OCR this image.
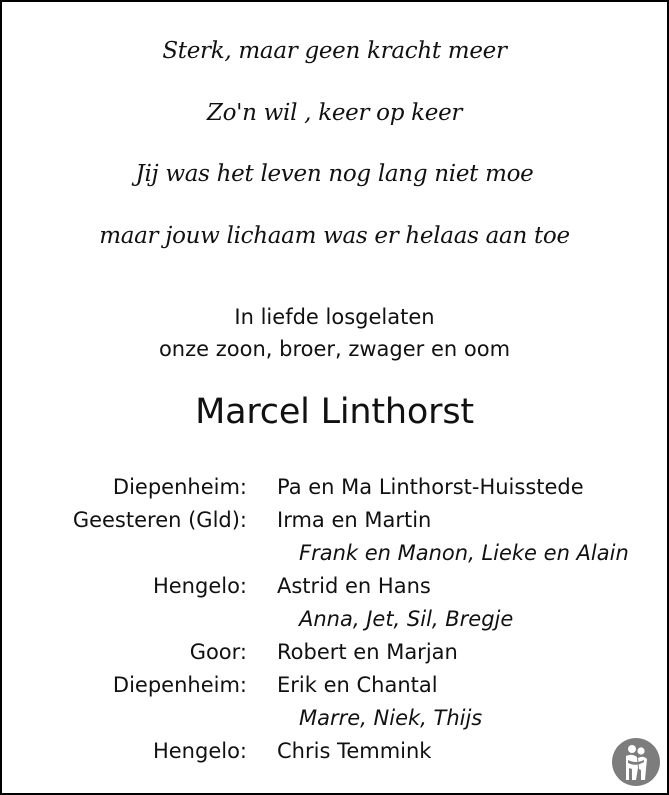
Sterk, maar geen kracht meer
Zo'n wil , keer op keer
Jij was het leven nog lang niet moe
maar jouw lichaam was er helaas aan toe
In liefde losgelaten
onze zoon, broer, zwager en oom
Marcel Linthorst
Diepenheim: Pa en Ma Linthorst-Huisstede
Geesteren (Gld): Irma en Martin
Frank en Manon, Lieke en Alain
Hengelo: Astrid en Hans
Anna, Jet, Sil, Bregje
Goor: Robert en Marjan
Diepenheim: Erik en Chantal
Marre, Niek, Thijs
Hengelo: Chris Temmink
